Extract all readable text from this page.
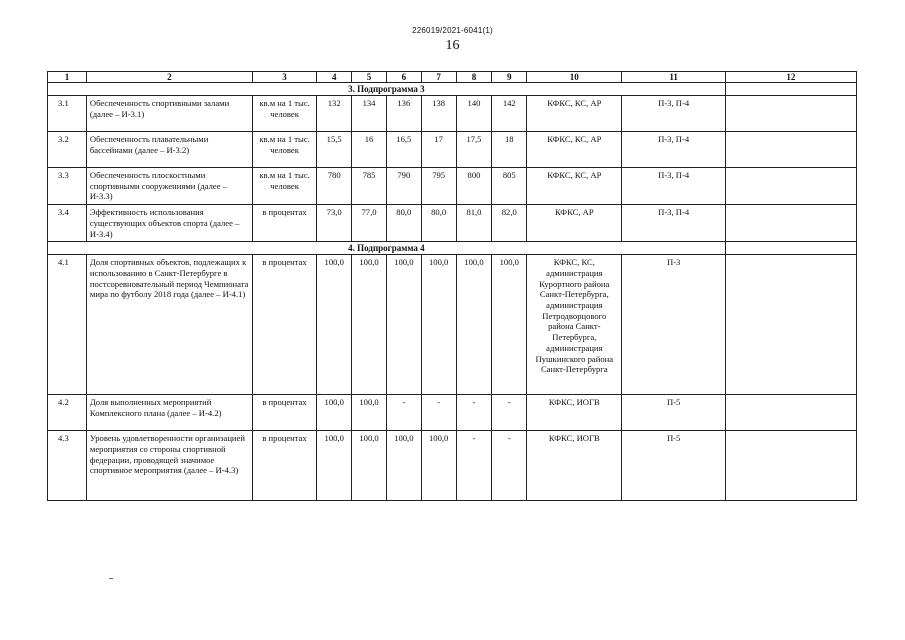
226019/2021-6041(1)
16
1	2	3	4	5	6	7	8	9	10	11	12
3. Подпрограмма 3											
3.1	Обеспеченность спортивными залами (далее – И-3.1)	кв.м на 1 тыс. человек	132	134	136	138	140	142	КФКС, КС, АР	П-3, П-4	
3.2	Обеспеченность плавательными бассейнами (далее – И-3.2)	кв.м на 1 тыс. человек	15,5	16	16,5	17	17,5	18	КФКС, КС, АР	П-3, П-4	
3.3	Обеспеченность плоскостными спортивными сооружениями (далее – И-3.3)	кв.м на 1 тыс. человек	780	785	790	795	800	805	КФКС, КС, АР	П-3, П-4	
3.4	Эффективность использования существующих объектов спорта (далее – И-3.4)	в процентах	73,0	77,0	80,0	80,0	81,0	82,0	КФКС, АР	П-3, П-4	
4. Подпрограмма 4											
4.1	Доля спортивных объектов, подлежащих к использованию в Санкт-Петербурге в постсоревновательный период Чемпионата мира по футболу 2018 года (далее – И-4.1)	в процентах	100,0	100,0	100,0	100,0	100,0	100,0	КФКС, КС, администрация Курортного района Санкт-Петербурга, администрация Петродворцового района Санкт-Петербурга, администрация Пушкинского района Санкт-Петербурга	П-3	
4.2	Доля выполненных мероприятий Комплексного плана (далее – И-4.2)	в процентах	100,0	100,0	-	-	-	-	КФКС, ИОГВ	П-5	
4.3	Уровень удовлетворенности организацией мероприятия со стороны спортивной федерации, проводящей значимое спортивное мероприятия (далее – И-4.3)	в процентах	100,0	100,0	100,0	100,0	-	-	КФКС, ИОГВ	П-5	
